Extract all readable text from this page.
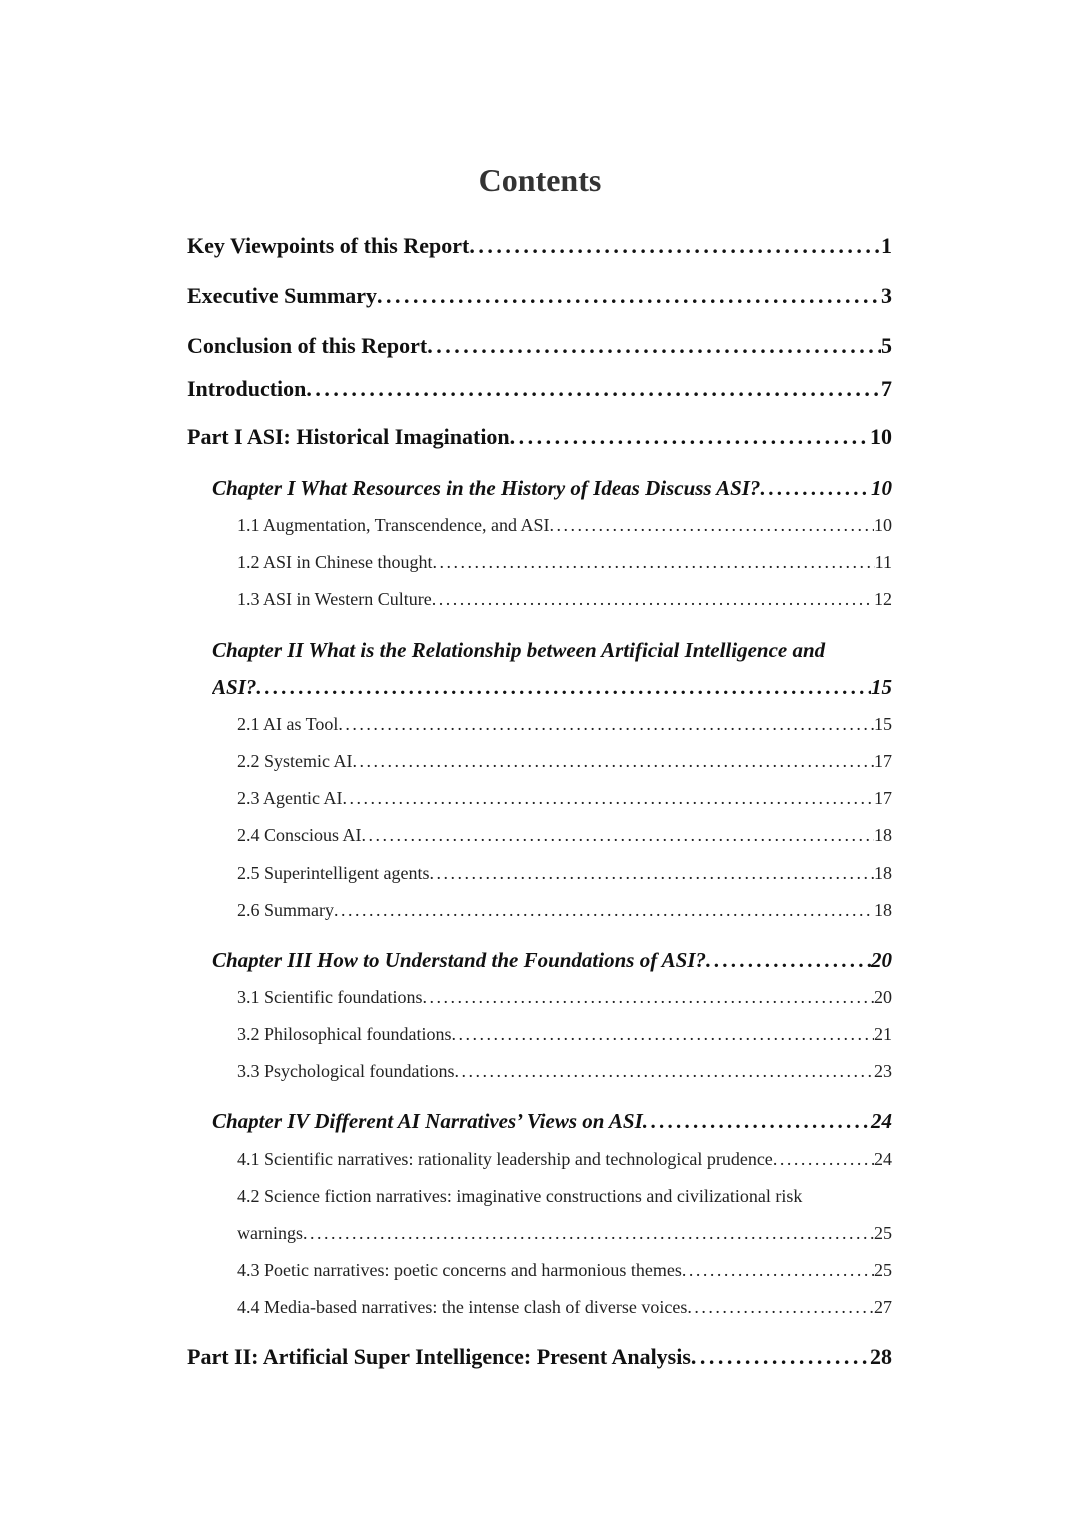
Contents
Key Viewpoints of this Report . . .	1
Executive Summary . . .	3
Conclusion of this Report . . .	5
Introduction . . .	7
Part I ASI: Historical Imagination . . .	10
Chapter I What Resources in the History of Ideas Discuss ASI? . . .	10
1.1 Augmentation, Transcendence, and ASI . . .	10
1.2 ASI in Chinese thought . . .	11
1.3 ASI in Western Culture . . .	12
Chapter II What is the Relationship between Artificial Intelligence and
ASI? . . .	15
2.1 AI as Tool . . .	15
2.2 Systemic AI . . .	17
2.3 Agentic AI . . .	17
2.4 Conscious AI . . .	18
2.5 Superintelligent agents . . .	18
2.6 Summary . . .	18
Chapter III How to Understand the Foundations of ASI? . . .	20
3.1 Scientific foundations . . .	20
3.2 Philosophical foundations . . .	21
3.3 Psychological foundations . . .	23
Chapter IV Different AI Narratives’ Views on ASI . . .	24
4.1 Scientific narratives: rationality leadership and technological prudence . . .	24
4.2 Science fiction narratives: imaginative constructions and civilizational risk
warnings . . .	25
4.3 Poetic narratives: poetic concerns and harmonious themes . . .	25
4.4 Media-based narratives: the intense clash of diverse voices . . .	27
Part II: Artificial Super Intelligence: Present Analysis . . .	28
